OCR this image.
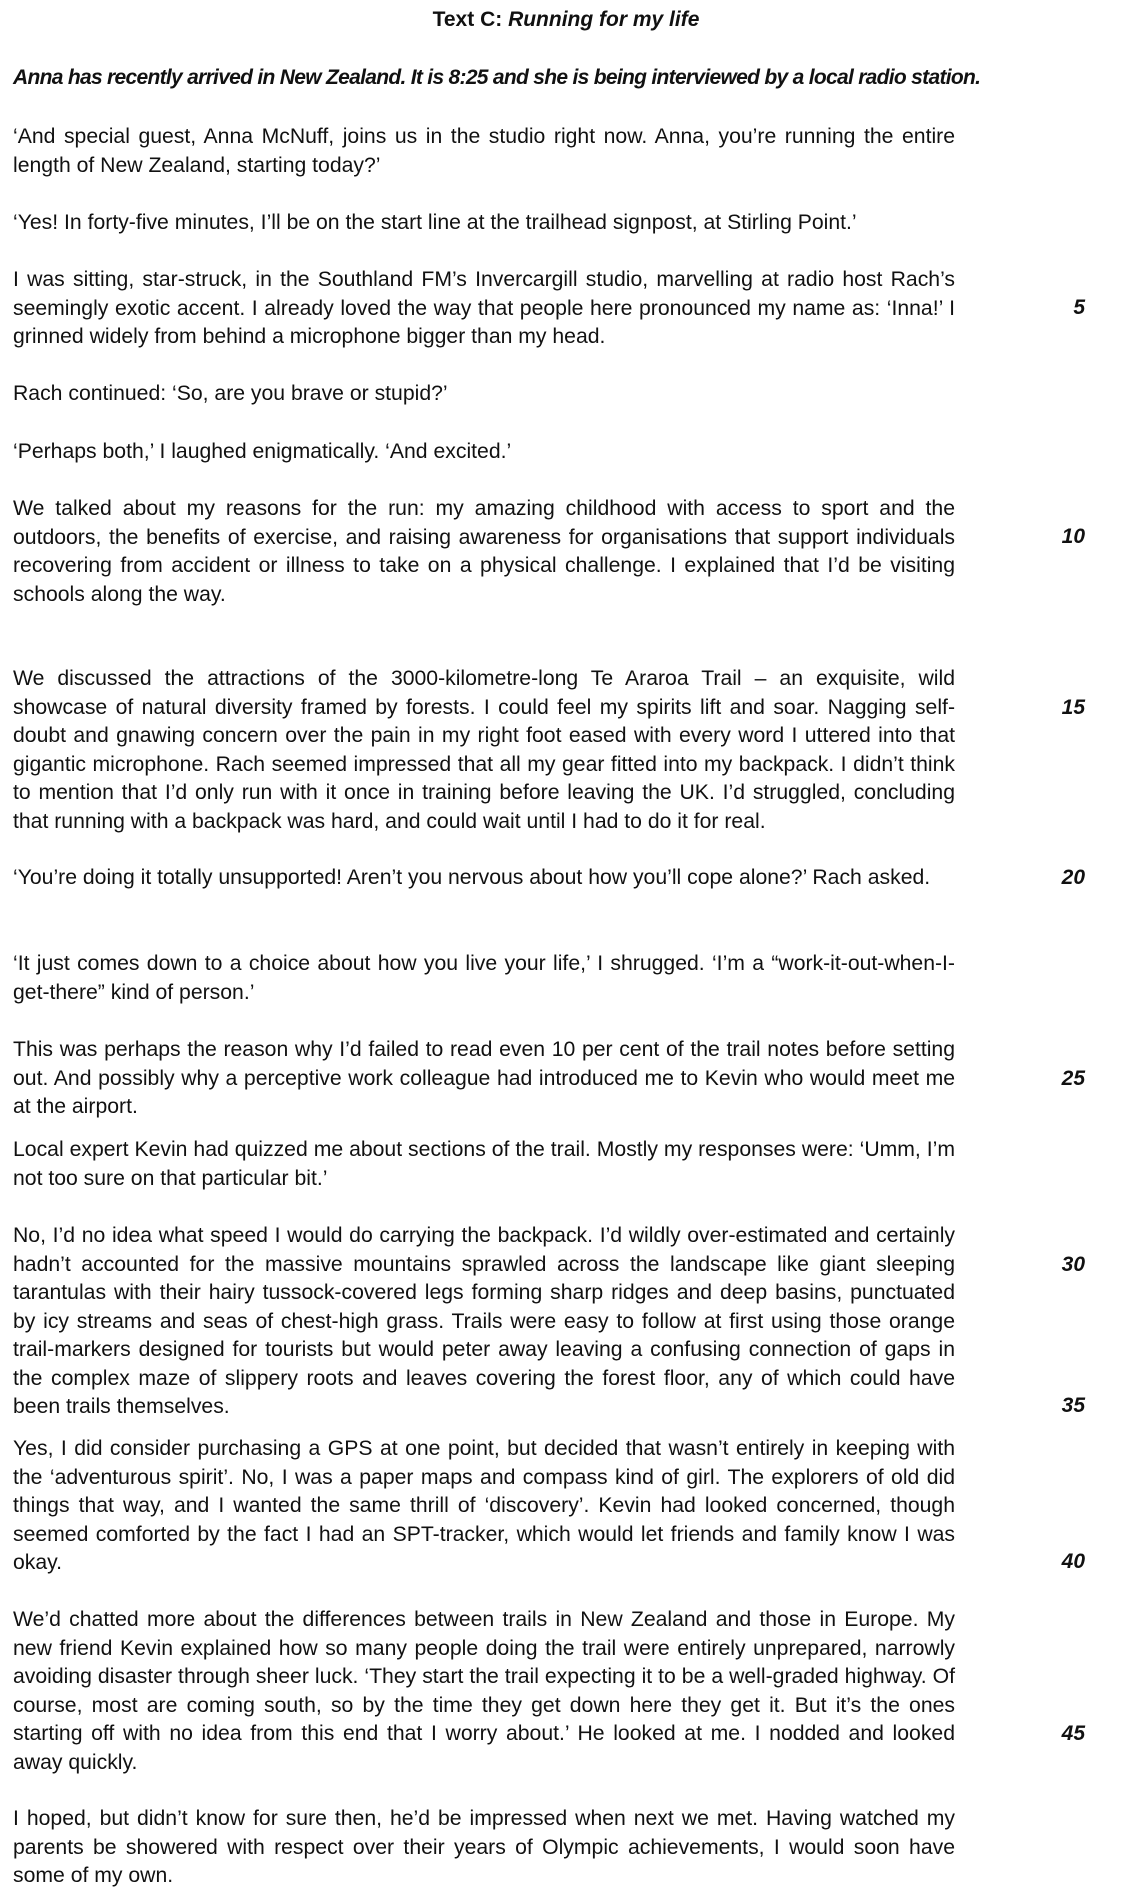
Text C: Running for my life
Anna has recently arrived in New Zealand. It is 8:25 and she is being interviewed by a local radio station.

‘And special guest, Anna McNuff, joins us in the studio right now. Anna, you’re running the entire length of New Zealand, starting today?’

‘Yes! In forty-five minutes, I’ll be on the start line at the trailhead signpost, at Stirling Point.’

I was sitting, star-struck, in the Southland FM’s Invercargill studio, marvelling at radio host Rach’s seemingly exotic accent. I already loved the way that people here pronounced my name as: ‘Inna!’ I grinned widely from behind a microphone bigger than my head.

Rach continued: ‘So, are you brave or stupid?’

‘Perhaps both,’ I laughed enigmatically. ‘And excited.’

We talked about my reasons for the run: my amazing childhood with access to sport and the outdoors, the benefits of exercise, and raising awareness for organisations that support individuals recovering from accident or illness to take on a physical challenge. I explained that I’d be visiting schools along the way.

We discussed the attractions of the 3000-kilometre-long Te Araroa Trail – an exquisite, wild showcase of natural diversity framed by forests. I could feel my spirits lift and soar. Nagging self-doubt and gnawing concern over the pain in my right foot eased with every word I uttered into that gigantic microphone. Rach seemed impressed that all my gear fitted into my backpack. I didn’t think to mention that I’d only run with it once in training before leaving the UK. I’d struggled, concluding that running with a backpack was hard, and could wait until I had to do it for real.

‘You’re doing it totally unsupported! Aren’t you nervous about how you’ll cope alone?’ Rach asked.

‘It just comes down to a choice about how you live your life,’ I shrugged. ‘I’m a “work-it-out-when-I-get-there” kind of person.’

This was perhaps the reason why I’d failed to read even 10 per cent of the trail notes before setting out. And possibly why a perceptive work colleague had introduced me to Kevin who would meet me at the airport.

Local expert Kevin had quizzed me about sections of the trail. Mostly my responses were: ‘Umm, I’m not too sure on that particular bit.’

No, I’d no idea what speed I would do carrying the backpack. I’d wildly over-estimated and certainly hadn’t accounted for the massive mountains sprawled across the landscape like giant sleeping tarantulas with their hairy tussock-covered legs forming sharp ridges and deep basins, punctuated by icy streams and seas of chest-high grass. Trails were easy to follow at first using those orange trail-markers designed for tourists but would peter away leaving a confusing connection of gaps in the complex maze of slippery roots and leaves covering the forest floor, any of which could have been trails themselves.

Yes, I did consider purchasing a GPS at one point, but decided that wasn’t entirely in keeping with the ‘adventurous spirit’. No, I was a paper maps and compass kind of girl. The explorers of old did things that way, and I wanted the same thrill of ‘discovery’. Kevin had looked concerned, though seemed comforted by the fact I had an SPT-tracker, which would let friends and family know I was okay.

We’d chatted more about the differences between trails in New Zealand and those in Europe. My new friend Kevin explained how so many people doing the trail were entirely unprepared, narrowly avoiding disaster through sheer luck. ‘They start the trail expecting it to be a well-graded highway. Of course, most are coming south, so by the time they get down here they get it. But it’s the ones starting off with no idea from this end that I worry about.’ He looked at me. I nodded and looked away quickly.

I hoped, but didn’t know for sure then, he’d be impressed when next we met. Having watched my parents be showered with respect over their years of Olympic achievements, I would soon have some of my own.

5
10
15
20
25
30
35
40
45
